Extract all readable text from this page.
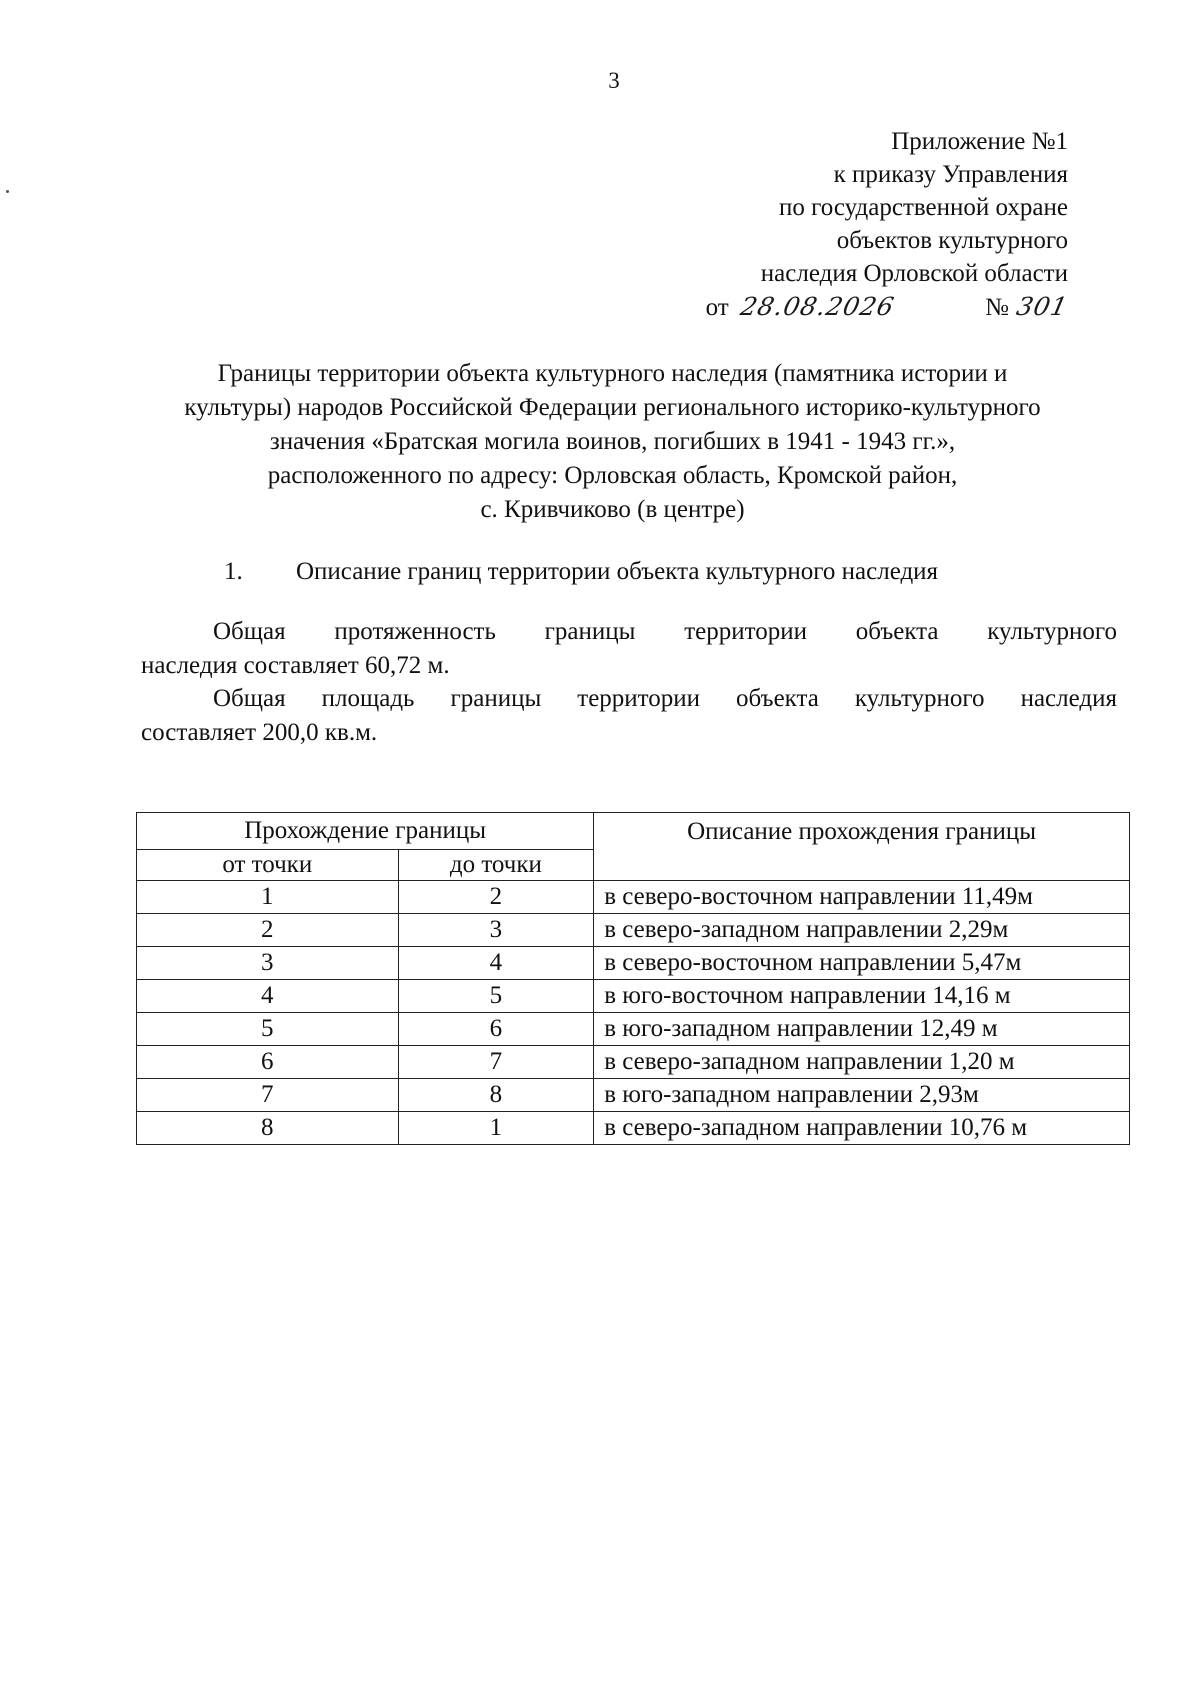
3
Приложение №1
к приказу Управления
по государственной охране
объектов культурного
наследия Орловской области
от 28.08.2026	№ 301
Границы территории объекта культурного наследия (памятника истории и
культуры) народов Российской Федерации регионального историко-культурного
значения «Братская могила воинов, погибших в 1941 - 1943 гг.»,
расположенного по адресу: Орловская область, Кромской район,
с. Кривчиково (в центре)
1. Описание границ территории объекта культурного наследия
Общая протяженность границы территории объекта культурного
наследия составляет 60,72 м.
Общая площадь границы территории объекта культурного наследия
составляет 200,0 кв.м.
Прохождение границы		Описание прохождения границы
от точки	до точки	
1	2	в северо-восточном направлении 11,49м
2	3	в северо-западном направлении 2,29м
3	4	в северо-восточном направлении 5,47м
4	5	в юго-восточном направлении 14,16 м
5	6	в юго-западном направлении 12,49 м
6	7	в северо-западном направлении 1,20 м
7	8	в юго-западном направлении 2,93м
8	1	в северо-западном направлении 10,76 м
